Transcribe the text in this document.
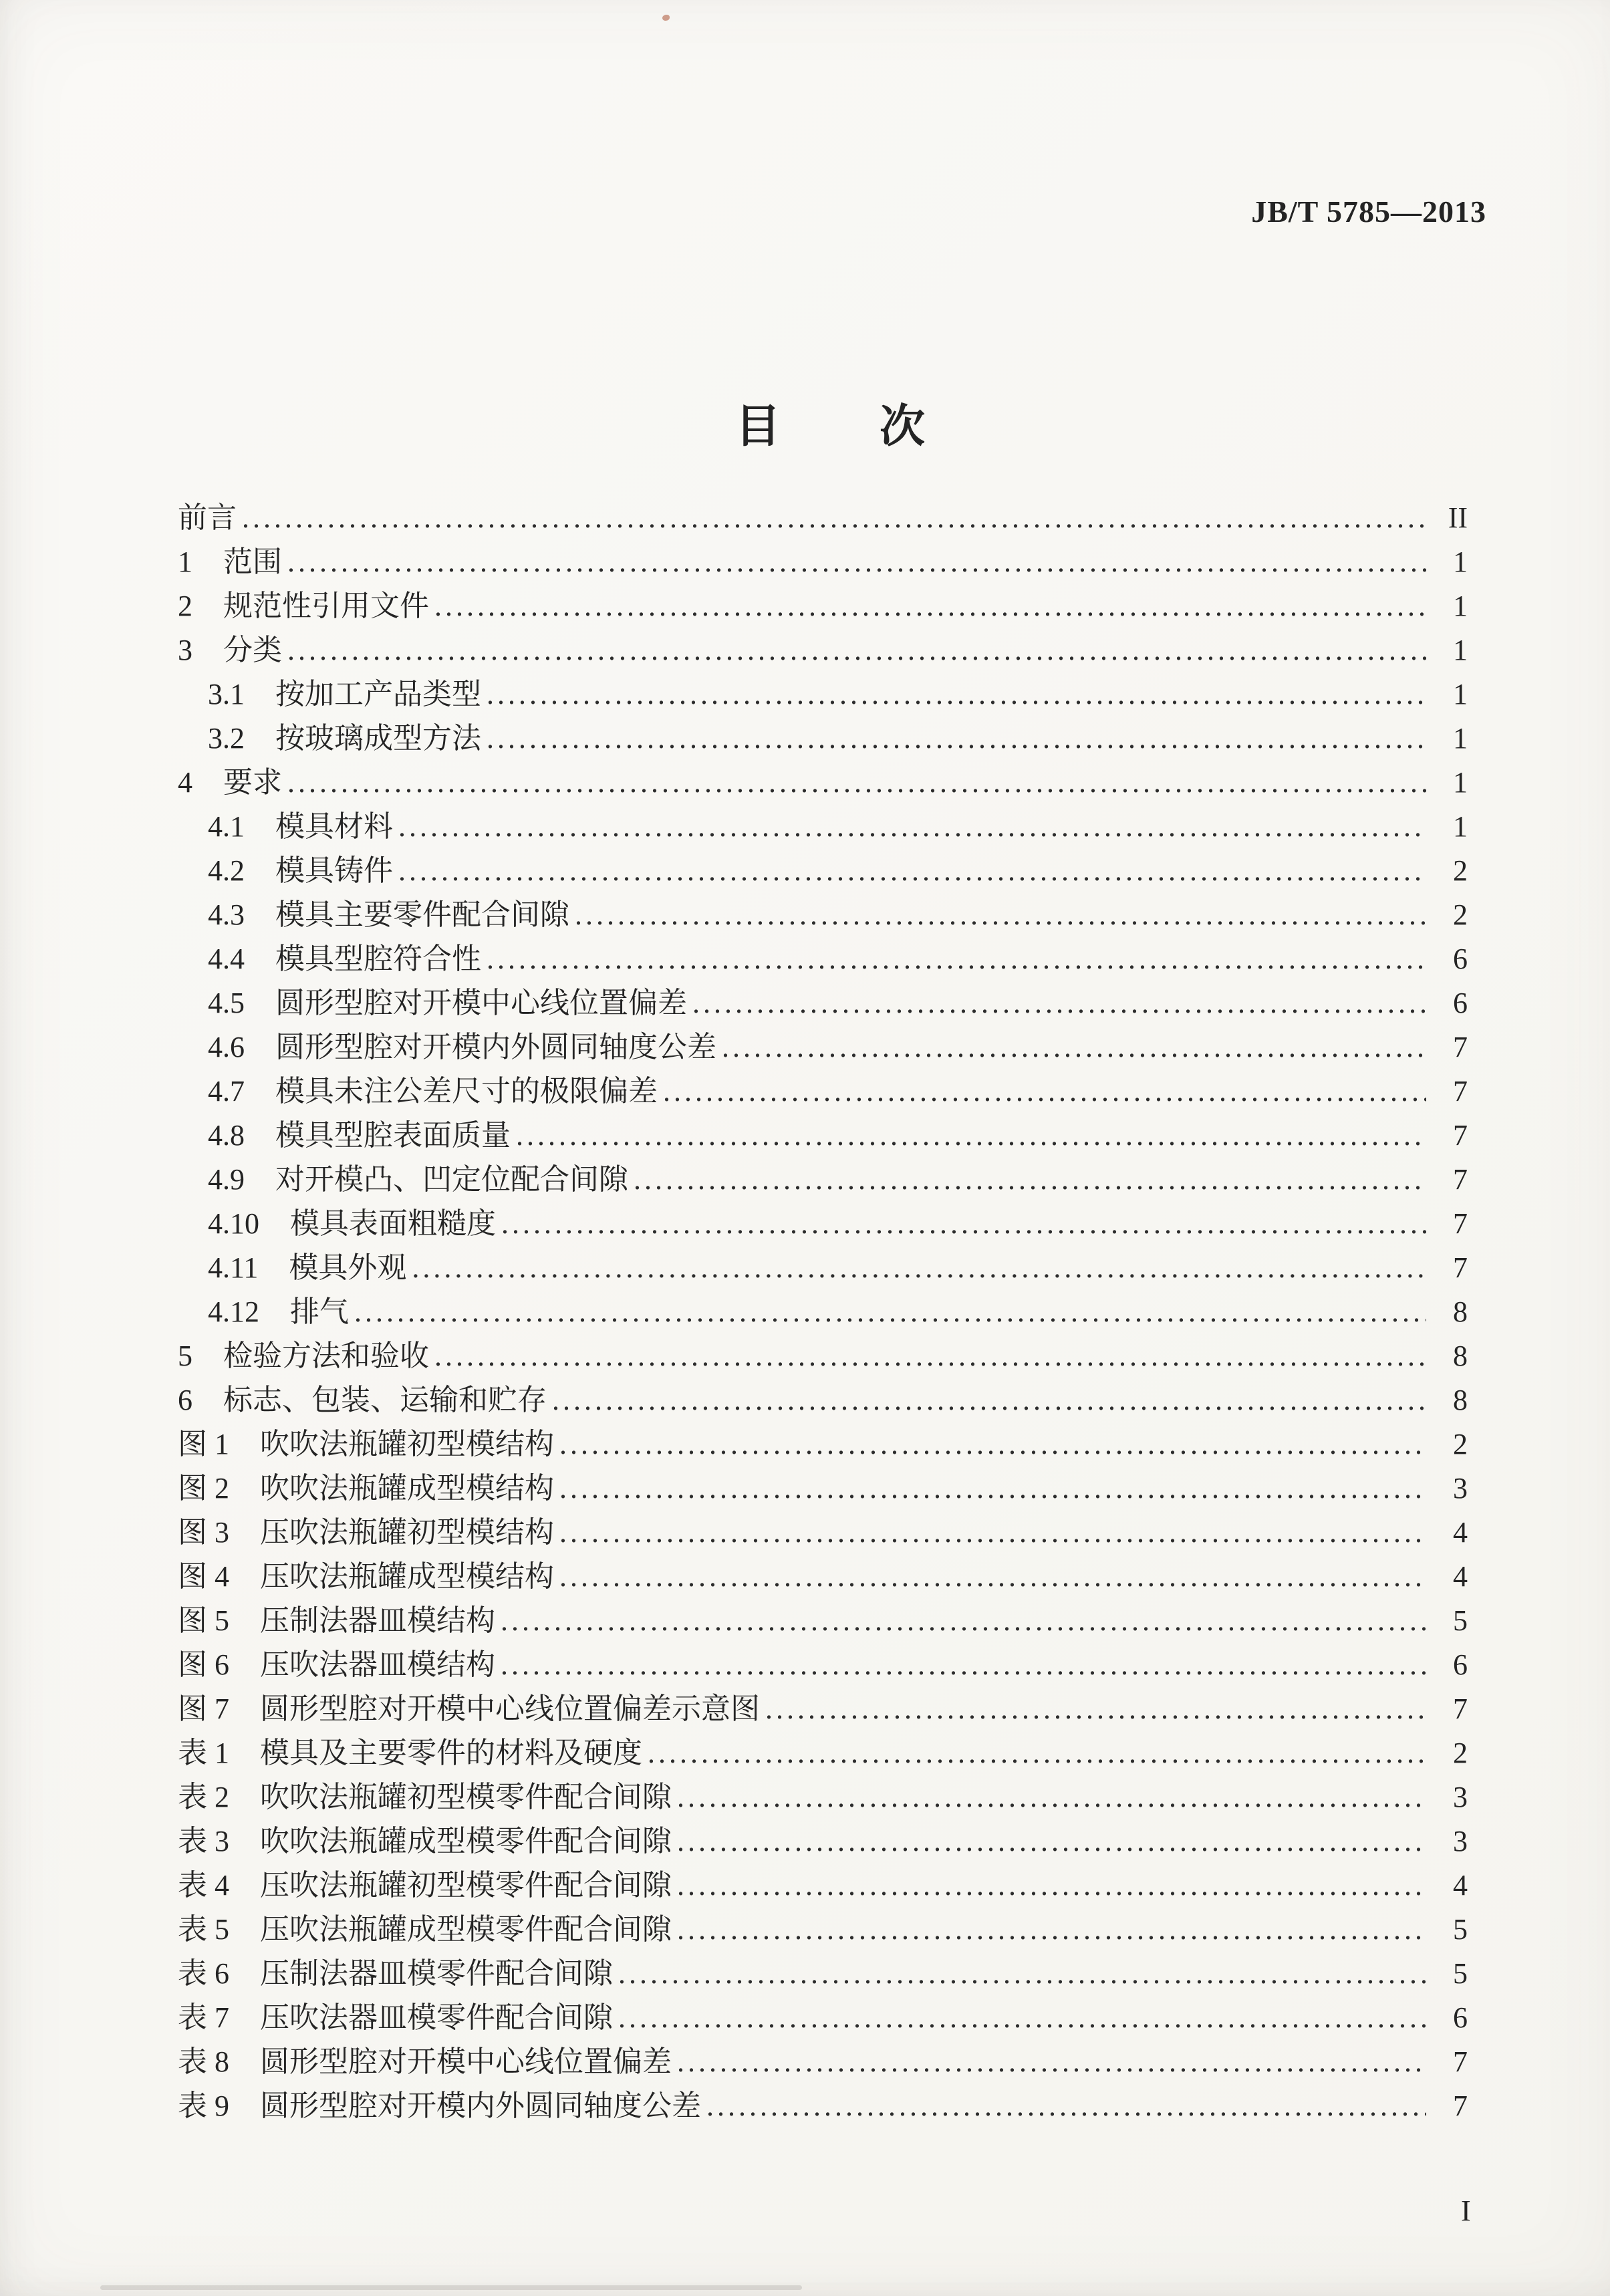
JB/T 5785—2013
目　次
前言 .....	II
1 范围 .....	1
2 规范性引用文件 .....	1
3 分类 .....	1
3.1 按加工产品类型 .....	1
3.2 按玻璃成型方法 .....	1
4 要求 .....	1
4.1 模具材料 .....	1
4.2 模具铸件 .....	2
4.3 模具主要零件配合间隙 .....	2
4.4 模具型腔符合性 .....	6
4.5 圆形型腔对开模中心线位置偏差 .....	6
4.6 圆形型腔对开模内外圆同轴度公差 .....	7
4.7 模具未注公差尺寸的极限偏差 .....	7
4.8 模具型腔表面质量 .....	7
4.9 对开模凸、凹定位配合间隙 .....	7
4.10 模具表面粗糙度 .....	7
4.11 模具外观 .....	7
4.12 排气 .....	8
5 检验方法和验收 .....	8
6 标志、包装、运输和贮存 .....	8
图 1 吹吹法瓶罐初型模结构 .....	2
图 2 吹吹法瓶罐成型模结构 .....	3
图 3 压吹法瓶罐初型模结构 .....	4
图 4 压吹法瓶罐成型模结构 .....	4
图 5 压制法器皿模结构 .....	5
图 6 压吹法器皿模结构 .....	6
图 7 圆形型腔对开模中心线位置偏差示意图 .....	7
表 1 模具及主要零件的材料及硬度 .....	2
表 2 吹吹法瓶罐初型模零件配合间隙 .....	3
表 3 吹吹法瓶罐成型模零件配合间隙 .....	3
表 4 压吹法瓶罐初型模零件配合间隙 .....	4
表 5 压吹法瓶罐成型模零件配合间隙 .....	5
表 6 压制法器皿模零件配合间隙 .....	5
表 7 压吹法器皿模零件配合间隙 .....	6
表 8 圆形型腔对开模中心线位置偏差 .....	7
表 9 圆形型腔对开模内外圆同轴度公差 .....	7
I
